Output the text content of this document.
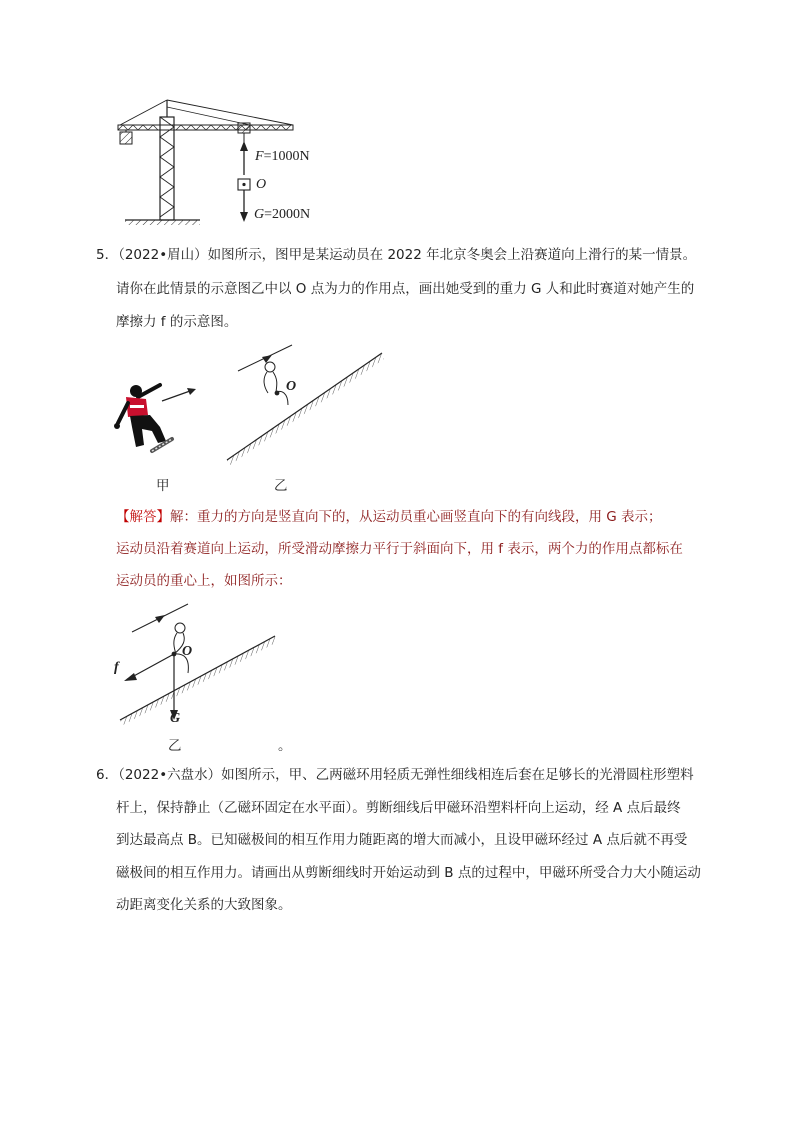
F=1000N
O
G=2000N
5．（2022•眉山）如图所示，图甲是某运动员在 2022 年北京冬奥会上沿赛道向上滑行的某一情景。
请你在此情景的示意图乙中以 O 点为力的作用点，画出她受到的重力 G 人和此时赛道对她产生的
摩擦力 f 的示意图。
甲
O
乙
【解答】解：重力的方向是竖直向下的，从运动员重心画竖直向下的有向线段，用 G 表示；
运动员沿着赛道向上运动，所受滑动摩擦力平行于斜面向下，用 f 表示，两个力的作用点都标在
运动员的重心上，如图所示：
f
O
G
乙	。
6．（2022•六盘水）如图所示，甲、乙两磁环用轻质无弹性细线相连后套在足够长的光滑圆柱形塑料
杆上，保持静止（乙磁环固定在水平面）。剪断细线后甲磁环沿塑料杆向上运动，经 A 点后最终
到达最高点 B。已知磁极间的相互作用力随距离的增大而减小，且设甲磁环经过 A 点后就不再受
磁极间的相互作用力。请画出从剪断细线时开始运动到 B 点的过程中，甲磁环所受合力大小随运动
动距离变化关系的大致图象。
